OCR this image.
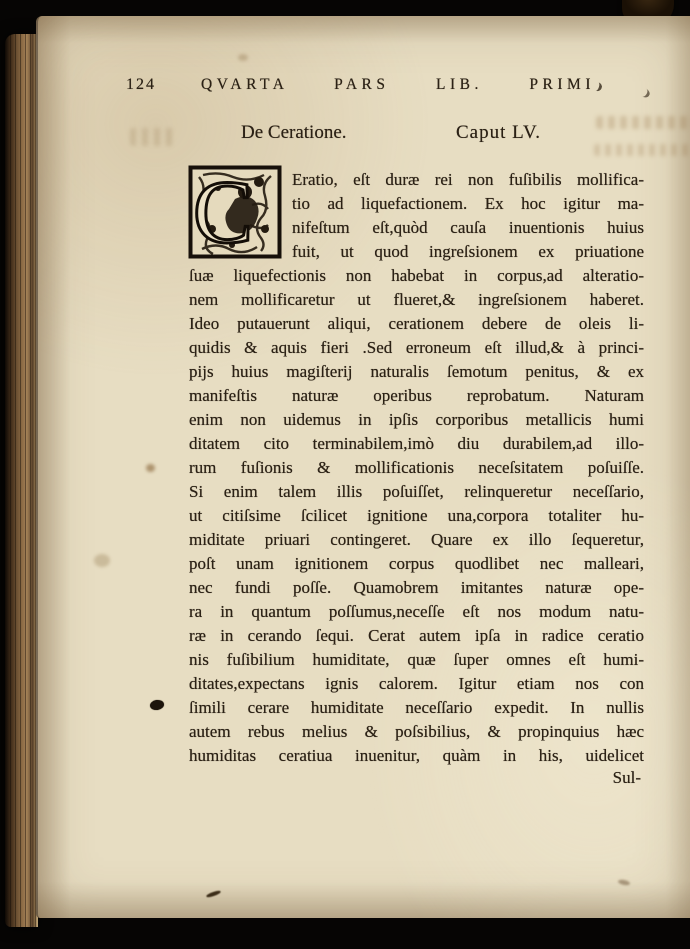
124	QVARTA PARS LIB. PRIMI
De Ceratione.	Caput LV.
C Eratio, eſt duræ rei non fuſibilis mollifica-
tio ad liquefactionem. Ex hoc igitur ma-
nifeſtum eſt,quòd cauſa inuentionis huius
fuit, ut quod ingreſsionem ex priuatione
ſuæ liquefectionis non habebat in corpus,ad alteratio-
nem mollificaretur ut flueret,& ingreſsionem haberet.
Ideo putauerunt aliqui, cerationem debere de oleis li-
quidis & aquis fieri .Sed erroneum eſt illud,& à princi-
pijs huius magiſterij naturalis ſemotum penitus, & ex
manifeſtis naturæ operibus reprobatum. Naturam
enim non uidemus in ipſis corporibus metallicis humi
ditatem cito terminabilem,imò diu durabilem,ad illo-
rum fuſionis & mollificationis neceſsitatem poſuiſſe.
Si enim talem illis poſuiſſet, relinqueretur neceſſario,
ut citiſsime ſcilicet ignitione una,corpora totaliter hu-
miditate priuari contingeret. Quare ex illo ſequeretur,
poſt unam ignitionem corpus quodlibet nec malleari,
nec fundi poſſe. Quamobrem imitantes naturæ ope-
ra in quantum poſſumus,neceſſe eſt nos modum natu-
ræ in cerando ſequi. Cerat autem ipſa in radice ceratio
nis fuſibilium humiditate, quæ ſuper omnes eſt humi-
ditates,expectans ignis calorem. Igitur etiam nos con
ſimili cerare humiditate neceſſario expedit. In nullis
autem rebus melius & poſsibilius, & propinquius hæc
humiditas ceratiua inuenitur, quàm in his, uidelicet
Sul-
